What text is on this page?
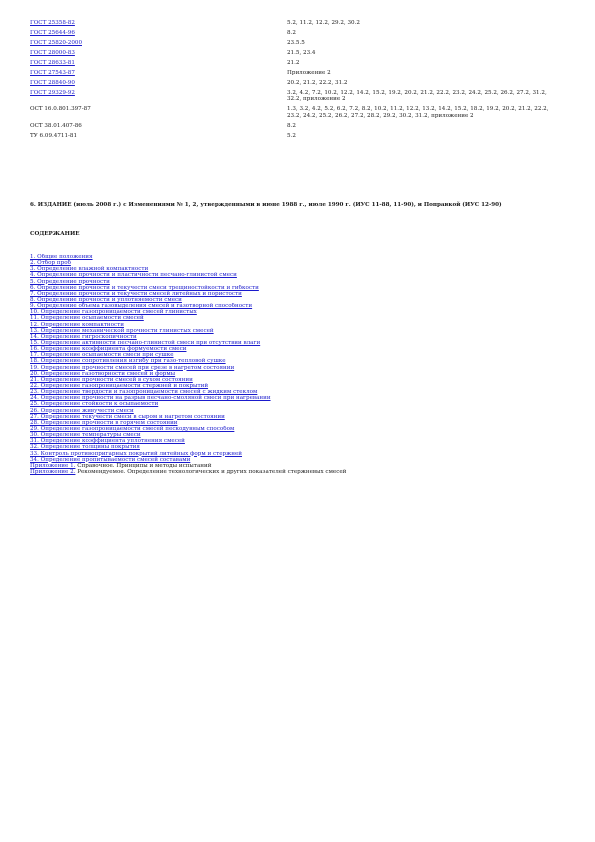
ГОСТ 25358-82	5.2, 11.2, 12.2, 29.2, 30.2
ГОСТ 25644-96	8.2
ГОСТ 25820-2000	23.5.5
ГОСТ 28000-83	21.5, 23.4
ГОСТ 28633-81	21.2
ГОСТ 27543-87	Приложение 2
ГОСТ 28840-90	20.2, 21.2, 22.2, 31.2
ГОСТ 29329-92	3.2, 4.2, 7.2, 10.2, 12.2, 14.2, 15.2, 19.2, 20.2, 21.2, 22.2, 23.2, 24.2, 25.2, 26.2, 27.2, 31.2, 32.2, приложение 2
ОСТ 16.0.801.397-87	1.3, 3.2, 4.2, 5.2, 6.2, 7.2, 8.2, 10.2, 11.2, 12.2, 13.2, 14.2, 15.2, 18.2, 19.2, 20.2, 21.2, 22.2, 23.2, 24.2, 25.2, 26.2, 27.2, 28.2, 29.2, 30.2, 31.2, приложение 2
ОСТ 38.01.407-86	8.2
ТУ 6.09.4711-81	5.2
6. ИЗДАНИЕ (июль 2008 г.) с Изменениями № 1, 2, утвержденными в июне 1988 г., июле 1990 г. (ИУС 11-88, 11-90), и Поправкой (ИУС 12-90)
СОДЕРЖАНИЕ
1. Общие положения
2. Отбор проб
3. Определение влажной компактности
4. Определение прочности и пластичности песчано-глинистой смеси
5. Определение прочности
6. Определение прочности и текучести смеси трещиностойкости и гибкости
7. Определение прочности и текучести смесей литейных и пористости
8. Определение прочности и уплотняемости смеси
9. Определение объема газовыделения смесей и газотворной способности
10. Определение газопроницаемости смесей глинистых
11. Определение осыпаемости смесей
12. Определение компактности
13. Определение механической прочности глинистых смесей
14. Определение гигроскопичности
15. Определение активности песчано-глинистой смеси при отсутствии влаги
16. Определение коэффициента формуемости смеси
17. Определение осыпаемости смеси при сушке
18. Определение сопротивления изгибу при газо-тепловой сушке
19. Определение прочности смесей при срезе в нагретом состоянии
20. Определение газотворности смесей и формы
21. Определение прочности смесей в сухом состоянии
22. Определение газопроницаемости стержней и покрытий
23. Определение твердости и газопроницаемости смесей с жидким стеклом
24. Определение прочности на разрыв песчано-смоляной смеси при нагревании
25. Определение стойкости к осыпаемости
26. Определение живучести смеси
27. Определение текучести смеси в сыром и нагретом состоянии
28. Определение прочности в горячем состоянии
29. Определение газопроницаемости смесей пескодувным способом
30. Определение температуры смеси
31. Определение коэффициента уплотнения смесей
32. Определение толщины покрытия
33. Контроль противопригарных покрытий литейных форм и стержней
34. Определение пропитываемости смесей составами
Приложение 1. Справочное. Принципы и методы испытаний
Приложение 2. Рекомендуемое. Определение технологических и других показателей стержневых смесей
